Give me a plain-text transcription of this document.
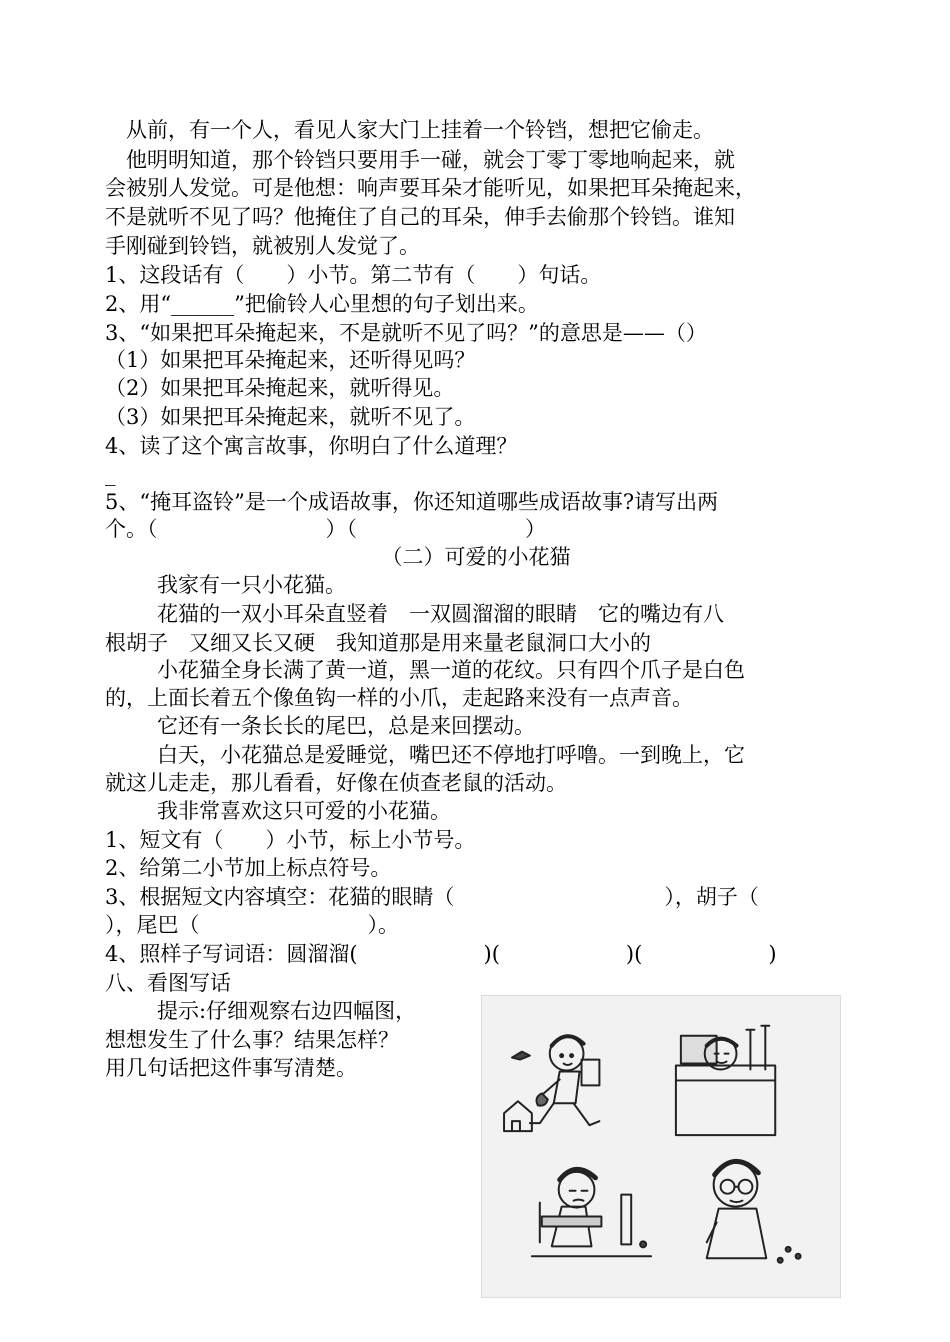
从前，有一个人，看见人家大门上挂着一个铃铛，想把它偷走。
他明明知道，那个铃铛只要用手一碰，就会丁零丁零地响起来，就
会被别人发觉。可是他想：响声要耳朵才能听见，如果把耳朵掩起来，
不是就听不见了吗？他掩住了自己的耳朵，伸手去偷那个铃铛。谁知
手刚碰到铃铛，就被别人发觉了。
1、这段话有（　　）小节。第二节有（　　）句话。
2、用“______”把偷铃人心里想的句子划出来。
3、“如果把耳朵掩起来，不是就听不见了吗？”的意思是——（）
（1）如果把耳朵掩起来，还听得见吗？
（2）如果把耳朵掩起来，就听得见。
（3）如果把耳朵掩起来，就听不见了。
4、读了这个寓言故事，你明白了什么道理？
_
5、“掩耳盗铃”是一个成语故事，你还知道哪些成语故事?请写出两
个。（　　　　　　　　）（　　　　　　　　）
（二）可爱的小花猫
我家有一只小花猫。
花猫的一双小耳朵直竖着　一双圆溜溜的眼睛　它的嘴边有八
根胡子　又细又长又硬　我知道那是用来量老鼠洞口大小的
小花猫全身长满了黄一道，黑一道的花纹。只有四个爪子是白色
的，上面长着五个像鱼钩一样的小爪，走起路来没有一点声音。
它还有一条长长的尾巴，总是来回摆动。
白天，小花猫总是爱睡觉，嘴巴还不停地打呼噜。一到晚上，它
就这儿走走，那儿看看，好像在侦查老鼠的活动。
我非常喜欢这只可爱的小花猫。
1、短文有（　　）小节，标上小节号。
2、给第二小节加上标点符号。
3、根据短文内容填空：花猫的眼睛（　　　　　　　　　　），胡子（
），尾巴（　　　　　　　　）。
4、照样子写词语：圆溜溜(　　　　　　)(　　　　　　)(　　　　　　)
八、看图写话
提示:仔细观察右边四幅图，
想想发生了什么事？结果怎样？
用几句话把这件事写清楚。
